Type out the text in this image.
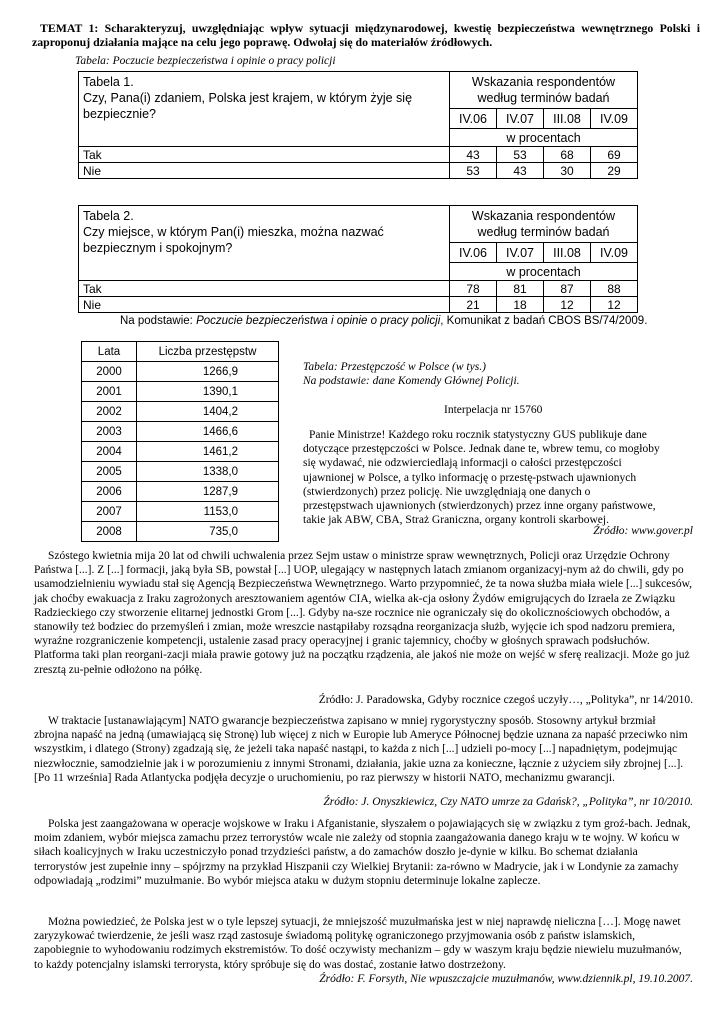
TEMAT 1: Scharakteryzuj, uwzględniając wpływ sytuacji międzynarodowej, kwestię bezpieczeństwa wewnętrznego Polski i zaproponuj działania mające na celu jego poprawę. Odwołaj się do materiałów źródłowych.
Tabela: Poczucie bezpieczeństwa i opinie o pracy policji
Tabela 1.
Czy, Pana(i) zdaniem, Polska jest krajem, w którym żyje się bezpiecznie?	Wskazania respondentów według terminów badań			
	IV.06	IV.07	III.08	IV.09
	w procentach			
Tak	43	53	68	69
Nie	53	43	30	29
Tabela 2.
Czy miejsce, w którym Pan(i) mieszka, można nazwać bezpiecznym i spokojnym?	Wskazania respondentów według terminów badań			
	IV.06	IV.07	III.08	IV.09
	w procentach			
Tak	78	81	87	88
Nie	21	18	12	12
Na podstawie: Poczucie bezpieczeństwa i opinie o pracy policji, Komunikat z badań CBOS BS/74/2009.
Lata	Liczba przestępstw
2000	1266,9
2001	1390,1
2002	1404,2
2003	1466,6
2004	1461,2
2005	1338,0
2006	1287,9
2007	1153,0
2008	735,0
Tabela: Przestępczość w Polsce (w tys.)
Na podstawie: dane Komendy Głównej Policji.
Interpelacja nr 15760
Panie Ministrze! Każdego roku rocznik statystyczny GUS publikuje dane dotyczące przestępczości w Polsce. Jednak dane te, wbrew temu, co mogłoby się wydawać, nie odzwierciedlają informacji o całości przestępczości ujawnionej w Polsce, a tylko informację o przestę-pstwach ujawnionych (stwierdzonych) przez policję. Nie uwzględniają one danych o przestępstwach ujawnionych (stwierdzonych) przez inne organy państwowe, takie jak ABW, CBA, Straż Graniczna, organy kontroli skarbowej.
Źródło: www.gover.pl
Szóstego kwietnia mija 20 lat od chwili uchwalenia przez Sejm ustaw o ministrze spraw wewnętrznych, Policji oraz Urzędzie Ochrony Państwa [...]. Z [...] formacji, jaką była SB, powstał [...] UOP, ulegający w następnych latach zmianom organizacyj-nym aż do chwili, gdy po usamodzielnieniu wywiadu stał się Agencją Bezpieczeństwa Wewnętrznego. Warto przypomnieć, że ta nowa służba miała wiele [...] sukcesów, jak choćby ewakuacja z Iraku zagrożonych aresztowaniem agentów CIA, wielka ak-cja osłony Żydów emigrujących do Izraela ze Związku Radzieckiego czy stworzenie elitarnej jednostki Grom [...]. Gdyby na-sze rocznice nie ograniczały się do okolicznościowych obchodów, a stanowiły też bodziec do przemyśleń i zmian, może wreszcie nastąpiłaby rozsądna reorganizacja służb, wyjęcie ich spod nadzoru premiera, wyraźne rozgraniczenie kompetencji, ustalenie zasad pracy operacyjnej i granic tajemnicy, choćby w głośnych sprawach podsłuchów. Platforma taki plan reorgani-zacji miała prawie gotowy już na początku rządzenia, ale jakoś nie może on wejść w sferę realizacji. Może go już zresztą zu-pełnie odłożono na półkę.
Źródło: J. Paradowska, Gdyby rocznice czegoś uczyły…, „Polityka”, nr 14/2010.
W traktacie [ustanawiającym] NATO gwarancje bezpieczeństwa zapisano w mniej rygorystyczny sposób. Stosowny artykuł brzmiał zbrojna napaść na jedną (umawiającą się Stronę) lub więcej z nich w Europie lub Ameryce Północnej będzie uznana za napaść przeciwko nim wszystkim, i dlatego (Strony) zgadzają się, że jeżeli taka napaść nastąpi, to każda z nich [...] udzieli po-mocy [...] napadniętym, podejmując niezwłocznie, samodzielnie jak i w porozumieniu z innymi Stronami, działania, jakie uzna za konieczne, łącznie z użyciem siły zbrojnej [...]. [Po 11 września] Rada Atlantycka podjęła decyzje o uruchomieniu, po raz pierwszy w historii NATO, mechanizmu gwarancji.
Źródło: J. Onyszkiewicz, Czy NATO umrze za Gdańsk?, „Polityka”, nr 10/2010.
Polska jest zaangażowana w operacje wojskowe w Iraku i Afganistanie, słyszałem o pojawiających się w związku z tym groź-bach. Jednak, moim zdaniem, wybór miejsca zamachu przez terrorystów wcale nie zależy od stopnia zaangażowania danego kraju w te wojny. W końcu w siłach koalicyjnych w Iraku uczestniczyło ponad trzydzieści państw, a do zamachów doszło je-dynie w kilku. Bo schemat działania terrorystów jest zupełnie inny – spójrzmy na przykład Hiszpanii czy Wielkiej Brytanii: za-równo w Madrycie, jak i w Londynie za zamachy odpowiadają „rodzimi” muzułmanie. Bo wybór miejsca ataku w dużym stopniu determinuje lokalne zaplecze.
Można powiedzieć, że Polska jest w o tyle lepszej sytuacji, że mniejszość muzułmańska jest w niej naprawdę nieliczna […]. Mogę nawet zaryzykować twierdzenie, że jeśli wasz rząd zastosuje świadomą politykę ograniczonego przyjmowania osób z państw islamskich, zapobiegnie to wyhodowaniu rodzimych ekstremistów. To dość oczywisty mechanizm – gdy w waszym kraju będzie niewielu muzułmanów, to każdy potencjalny islamski terrorysta, który spróbuje się do was dostać, zostanie łatwo dostrzeżony.
Źródło: F. Forsyth, Nie wpuszczajcie muzułmanów, www.dziennik.pl, 19.10.2007.
